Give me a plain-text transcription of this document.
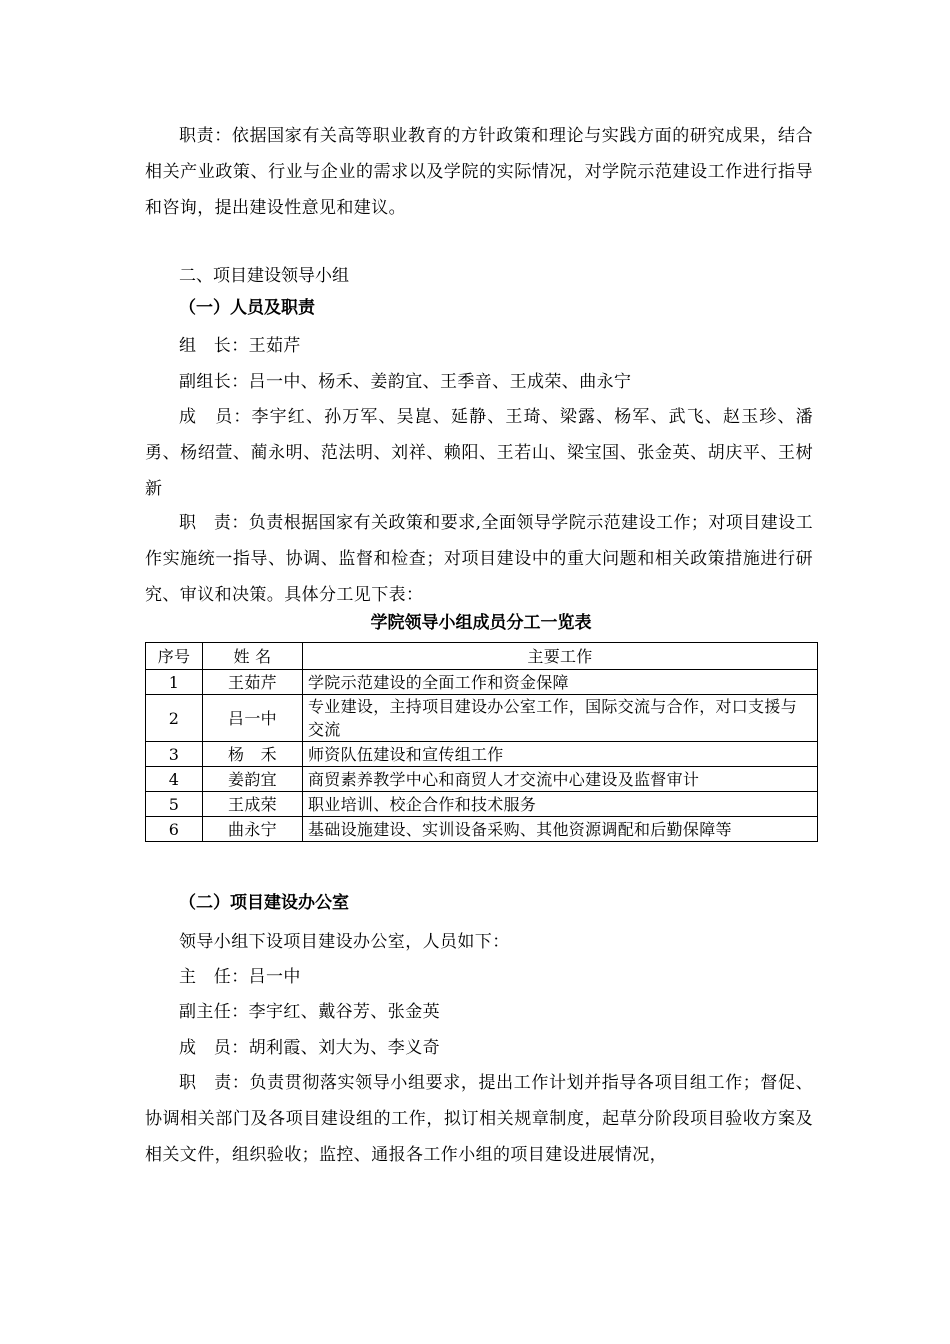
职责：依据国家有关高等职业教育的方针政策和理论与实践方面的研究成果，结合相关产业政策、行业与企业的需求以及学院的实际情况，对学院示范建设工作进行指导和咨询，提出建设性意见和建议。

二、项目建设领导小组

（一）人员及职责

组　长：王茹芹

副组长：吕一中、杨禾、姜韵宜、王季音、王成荣、曲永宁

成　员：李宇红、孙万军、吴崑、延静、王琦、梁露、杨军、武飞、赵玉珍、潘勇、杨绍萱、蔺永明、范法明、刘祥、赖阳、王若山、梁宝国、张金英、胡庆平、王树新

职　责：负责根据国家有关政策和要求,全面领导学院示范建设工作；对项目建设工作实施统一指导、协调、监督和检查；对项目建设中的重大问题和相关政策措施进行研究、审议和决策。具体分工见下表：

学院领导小组成员分工一览表

序号	姓 名	主要工作
1	王茹芹	学院示范建设的全面工作和资金保障
2	吕一中	专业建设，主持项目建设办公室工作，国际交流与合作，对口支援与交流
3	杨　禾	师资队伍建设和宣传组工作
4	姜韵宜	商贸素养教学中心和商贸人才交流中心建设及监督审计
5	王成荣	职业培训、校企合作和技术服务
6	曲永宁	基础设施建设、实训设备采购、其他资源调配和后勤保障等

（二）项目建设办公室

领导小组下设项目建设办公室，人员如下：

主　任：吕一中

副主任：李宇红、戴谷芳、张金英

成　员：胡利霞、刘大为、李义奇

职　责：负责贯彻落实领导小组要求，提出工作计划并指导各项目组工作；督促、协调相关部门及各项目建设组的工作，拟订相关规章制度，起草分阶段项目验收方案及相关文件，组织验收；监控、通报各工作小组的项目建设进展情况，
